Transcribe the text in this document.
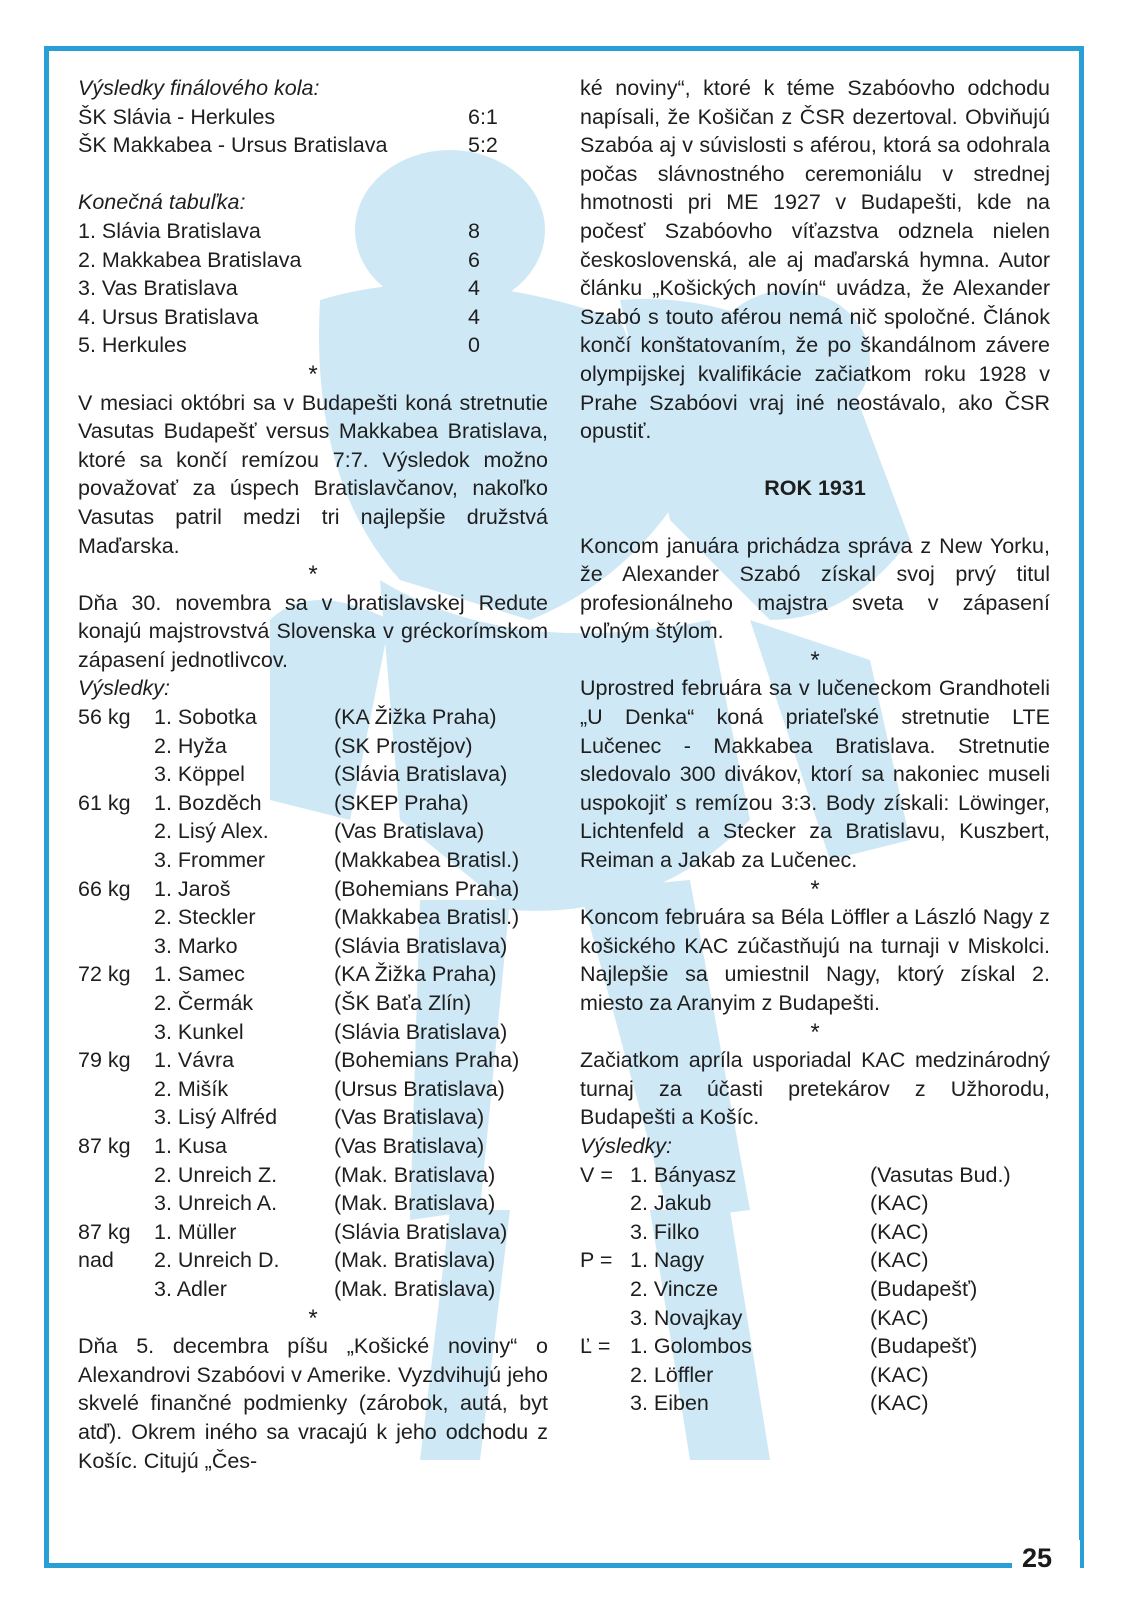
25
Výsledky finálového kola:
ŠK Slávia - Herkules	6:1
ŠK Makkabea - Ursus Bratislava	5:2
Konečná tabuľka:
1. Slávia Bratislava	8
2. Makkabea Bratislava	6
3. Vas Bratislava	4
4. Ursus Bratislava	4
5. Herkules	0
*

V mesiaci októbri sa v Budapešti koná stretnutie Vasutas Budapešť versus Makkabea Bratislava, ktoré sa končí remízou 7:7. Výsledok možno považovať za úspech Bratislavčanov, nakoľko Vasutas patril medzi tri najlepšie družstvá Maďarska.

*

Dňa 30. novembra sa v bratislavskej Redute konajú majstrovstvá Slovenska v gréckorímskom zápasení jednotlivcov.

Výsledky:
56 kg	1. Sobotka	(KA Žižka Praha)
2. Hyža	(SK Prostějov)
3. Köppel	(Slávia Bratislava)
61 kg	1. Bozděch	(SKEP Praha)
2. Lisý Alex.	(Vas Bratislava)
3. Frommer	(Makkabea Bratisl.)
66 kg	1. Jaroš	(Bohemians Praha)
2. Steckler	(Makkabea Bratisl.)
3. Marko	(Slávia Bratislava)
72 kg	1. Samec	(KA Žižka Praha)
2. Čermák	(ŠK Baťa Zlín)
3. Kunkel	(Slávia Bratislava)
79 kg	1. Vávra	(Bohemians Praha)
2. Mišík	(Ursus Bratislava)
3. Lisý Alfréd	(Vas Bratislava)
87 kg	1. Kusa	(Vas Bratislava)
2. Unreich Z.	(Mak. Bratislava)
3. Unreich A.	(Mak. Bratislava)
87 kg	1. Müller	(Slávia Bratislava)
nad	2. Unreich D.	(Mak. Bratislava)
3. Adler	(Mak. Bratislava)
*

Dňa 5. decembra píšu „Košické noviny“ o Alexandrovi Szabóovi v Amerike. Vyzdvihujú jeho skvelé finančné podmienky (zárobok, autá, byt atď). Okrem iného sa vracajú k jeho odchodu z Košíc. Citujú „Čes-

ké noviny“, ktoré k téme Szabóovho odchodu napísali, že Košičan z ČSR dezertoval. Obviňujú Szabóa aj v súvislosti s aférou, ktorá sa odohrala počas slávnostného ceremoniálu v strednej hmotnosti pri ME 1927 v Budapešti, kde na počesť Szabóovho víťazstva odznela nielen československá, ale aj maďarská hymna. Autor článku „Košických novín“ uvádza, že Alexander Szabó s touto aférou nemá nič spoločné. Článok končí konštatovaním, že po škandálnom závere olympijskej kvalifikácie začiatkom roku 1928 v Prahe Szabóovi vraj iné neostávalo, ako ČSR opustiť.

ROK 1931

Koncom januára prichádza správa z New Yorku, že Alexander Szabó získal svoj prvý titul profesionálneho majstra sveta v zápasení voľným štýlom.

*

Uprostred februára sa v lučeneckom Grandhoteli „U Denka“ koná priateľské stretnutie LTE Lučenec - Makkabea Bratislava. Stretnutie sledovalo 300 divákov, ktorí sa nakoniec museli uspokojiť s remízou 3:3. Body získali: Löwinger, Lichtenfeld a Stecker za Bratislavu, Kuszbert, Reiman a Jakab za Lučenec.

*

Koncom februára sa Béla Löffler a László Nagy z košického KAC zúčastňujú na turnaji v Miskolci. Najlepšie sa umiestnil Nagy, ktorý získal 2. miesto za Aranyim z Budapešti.

*

Začiatkom apríla usporiadal KAC medzinárodný turnaj za účasti pretekárov z Užhorodu, Budapešti a Košíc.

Výsledky:
V = 1. Bányasz	(Vasutas Bud.)
2. Jakub	(KAC)
3. Filko	(KAC)
P = 1. Nagy	(KAC)
2. Vincze	(Budapešť)
3. Novajkay	(KAC)
Ľ = 1. Golombos	(Budapešť)
2. Löffler	(KAC)
3. Eiben	(KAC)
